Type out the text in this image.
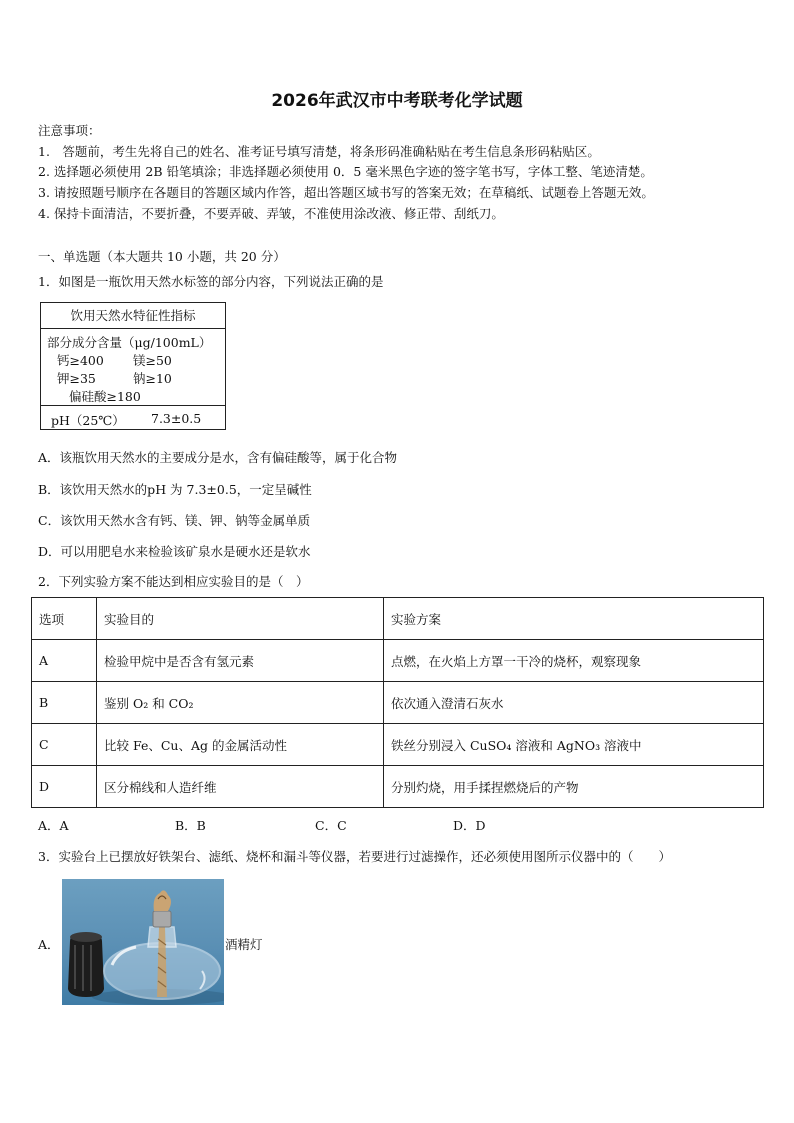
2026年武汉市中考联考化学试题
注意事项：
1.　答题前，考生先将自己的姓名、准考证号填写清楚，将条形码准确粘贴在考生信息条形码粘贴区。
2. 选择题必须使用 2B 铅笔填涂；非选择题必须使用 0．5 毫米黑色字迹的签字笔书写，字体工整、笔迹清楚。
3. 请按照题号顺序在各题目的答题区域内作答，超出答题区域书写的答案无效；在草稿纸、试题卷上答题无效。
4. 保持卡面清洁，不要折叠，不要弄破、弄皱，不准使用涂改液、修正带、刮纸刀。
一、单选题（本大题共 10 小题，共 20 分）
1．如图是一瓶饮用天然水标签的部分内容，下列说法正确的是
饮用天然水特征性指标
部分成分含量（μg/100mL）
钙≥400 镁≥50
钾≥35	钠≥10
偏硅酸≥180
pH（25℃） 7.3±0.5
A．该瓶饮用天然水的主要成分是水，含有偏硅酸等，属于化合物
B．该饮用天然水的pH 为 7.3±0.5，一定呈碱性
C．该饮用天然水含有钙、镁、钾、钠等金属单质
D．可以用肥皂水来检验该矿泉水是硬水还是软水
2．下列实验方案不能达到相应实验目的是（　）
选项	实验目的	实验方案
A	检验甲烷中是否含有氢元素	点燃，在火焰上方罩一干冷的烧杯，观察现象
B	鉴别 O₂ 和 CO₂	依次通入澄清石灰水
C	比较 Fe、Cu、Ag 的金属活动性	铁丝分别浸入 CuSO₄ 溶液和 AgNO₃ 溶液中
D	区分棉线和人造纤维	分别灼烧，用手揉捏燃烧后的产物
A．A	B．B	C．C	D．D
3．实验台上已摆放好铁架台、滤纸、烧杯和漏斗等仪器，若要进行过滤操作，还必须使用图所示仪器中的（　　）
A．	酒精灯
